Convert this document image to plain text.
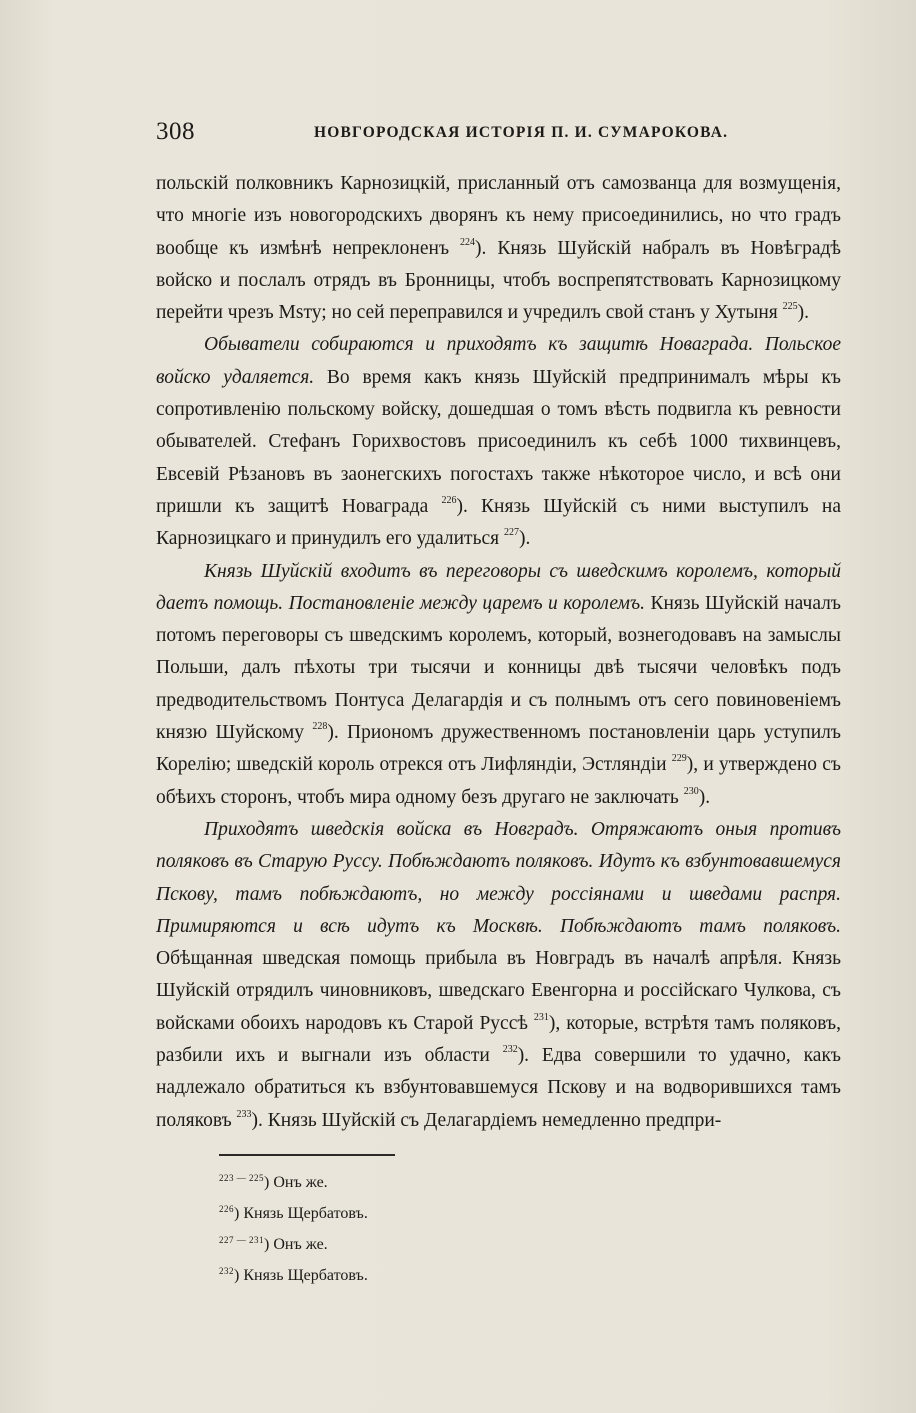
308	НОВГОРОДСКАЯ ИСТОРІЯ П. И. СУМАРОКОВА.

польскій полковникъ Карнозицкій, присланный отъ самозванца для возмущенія, что многіе изъ новогородскихъ дворянъ къ нему присоединились, но что градъ вообще къ измѣнѣ непреклоненъ $^{224}$). Князь Шуйскій набралъ въ Новѣградѣ войско и послалъ отрядъ въ Бронницы, чтобъ воспрепятствовать Карнозицкому перейти чрезъ Msту; но сей переправился и учредилъ свой станъ у Хутыня $^{225}$).

Обыватели собираются и приходятъ къ защитѣ Новаграда. Польское войско удаляется. Во время какъ князь Шуйскій предпринималъ мѣры къ сопротивленію польскому войску, дошедшая о томъ вѣсть подвигла къ ревности обывателей. Стефанъ Горихвостовъ присоединилъ къ себѣ 1000 тихвинцевъ, Евсевій Рѣзановъ въ заонегскихъ погостахъ также нѣкоторое число, и всѣ они пришли къ защитѣ Новаграда $^{226}$). Князь Шуйскій съ ними выступилъ на Карнозицкаго и принудилъ его удалиться $^{227}$).

Князь Шуйскій входитъ въ переговоры съ шведскимъ королемъ, который даетъ помощь. Постановленіе между царемъ и королемъ. Князь Шуйскій началъ потомъ переговоры съ шведскимъ королемъ, который, вознегодовавъ на замыслы Польши, далъ пѣхоты три тысячи и конницы двѣ тысячи человѣкъ подъ предводительствомъ Понтуса Делагардія и съ полнымъ отъ сего повиновеніемъ князю Шуйскому $^{228}$). Приономъ дружественномъ постановленіи царь уступилъ Корелію; шведскій король отрекся отъ Лифляндіи, Эстляндіи $^{229}$), и утверждено съ обѣихъ сторонъ, чтобъ мира одному безъ другаго не заключать $^{230}$).

Приходятъ шведскія войска въ Новградъ. Отряжаютъ оныя противъ поляковъ въ Старую Руссу. Побѣждаютъ поляковъ. Идутъ къ взбунтовавшемуся Пскову, тамъ побѣждаютъ, но между россіянами и шведами распря. Примиряются и всѣ идутъ къ Москвѣ. Побѣждаютъ тамъ поляковъ. Обѣщанная шведская помощь прибыла въ Новградъ въ началѣ апрѣля. Князь Шуйскій отрядилъ чиновниковъ, шведскаго Евенгорна и россійскаго Чулкова, съ войсками обоихъ народовъ къ Старой Руссѣ $^{231}$), которые, встрѣтя тамъ поляковъ, разбили ихъ и выгнали изъ области $^{232}$). Едва совершили то удачно, какъ надлежало обратиться къ взбунтовавшемуся Пскову и на водворившихся тамъ поляковъ $^{233}$). Князь Шуйскій съ Делагардіемъ немедленно предпри-

$^{223 — 225}$) Онъ же.
$^{226}$) Князь Щербатовъ.
$^{227 — 231}$) Онъ же.
$^{232}$) Князь Щербатовъ.
